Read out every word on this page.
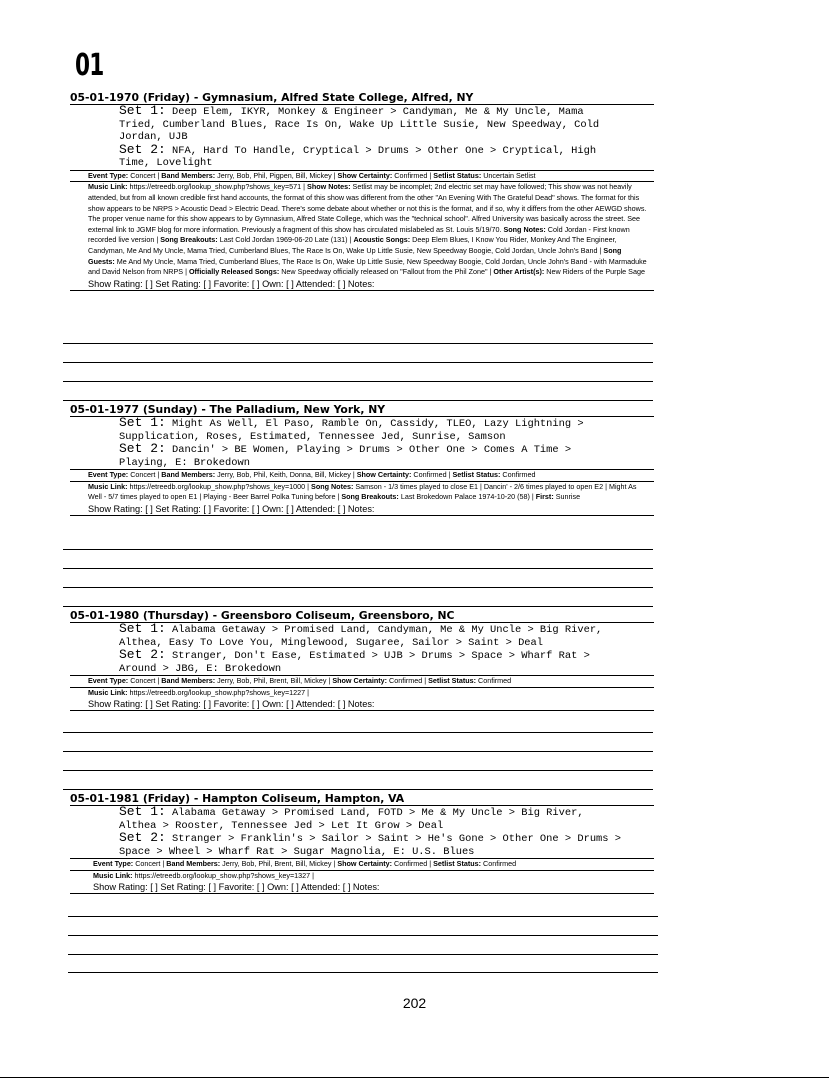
01
05-01-1970 (Friday) - Gymnasium, Alfred State College, Alfred, NY
Set 1: Deep Elem, IKYR, Monkey & Engineer > Candyman, Me & My Uncle, Mama
Tried, Cumberland Blues, Race Is On, Wake Up Little Susie, New Speedway, Cold
Jordan, UJB
Set 2: NFA, Hard To Handle, Cryptical > Drums > Other One > Cryptical, High
Time, Lovelight
Event Type: Concert | Band Members: Jerry, Bob, Phil, Pigpen, Bill, Mickey | Show Certainty: Confirmed | Setlist Status: Uncertain Setlist
Music Link: https://etreedb.org/lookup_show.php?shows_key=571 | Show Notes: Setlist may be incomplet; 2nd electric set may have followed; This show was not heavily attended, but from all known credible first hand accounts, the format of this show was different from the other "An Evening With The Grateful Dead" shows. The format for this show appears to be NRPS > Acoustic Dead > Electric Dead. There's some debate about whether or not this is the format, and if so, why it differs from the other AEWGD shows. The proper venue name for this show appears to by Gymnasium, Alfred State College, which was the "technical school". Alfred University was basically across the street. See external link to JGMF blog for more information. Previously a fragment of this show has circulated mislabeled as St. Louis 5/19/70. Song Notes: Cold Jordan - First known recorded live version | Song Breakouts: Last Cold Jordan 1969-06-20 Late (131) | Acoustic Songs: Deep Elem Blues, I Know You Rider, Monkey And The Engineer, Candyman, Me And My Uncle, Mama Tried, Cumberland Blues, The Race Is On, Wake Up Little Susie, New Speedway Boogie, Cold Jordan, Uncle John's Band | Song Guests: Me And My Uncle, Mama Tried, Cumberland Blues, The Race Is On, Wake Up Little Susie, New Speedway Boogie, Cold Jordan, Uncle John's Band - with Marmaduke and David Nelson from NRPS | Officially Released Songs: New Speedway officially released on "Fallout from the Phil Zone" | Other Artist(s): New Riders of the Purple Sage
Show Rating: [ ] Set Rating: [ ] Favorite: [ ] Own: [ ] Attended: [ ] Notes:
05-01-1977 (Sunday) - The Palladium, New York, NY
Set 1: Might As Well, El Paso, Ramble On, Cassidy, TLEO, Lazy Lightning >
Supplication, Roses, Estimated, Tennessee Jed, Sunrise, Samson
Set 2: Dancin' > BE Women, Playing > Drums > Other One > Comes A Time >
Playing, E: Brokedown
Event Type: Concert | Band Members: Jerry, Bob, Phil, Keith, Donna, Bill, Mickey | Show Certainty: Confirmed | Setlist Status: Confirmed
Music Link: https://etreedb.org/lookup_show.php?shows_key=1000 | Song Notes: Samson - 1/3 times played to close E1 | Dancin' - 2/6 times played to open E2 | Might As Well - 5/7 times played to open E1 | Playing - Beer Barrel Polka Tuning before | Song Breakouts: Last Brokedown Palace 1974-10-20 (58) | First: Sunrise
Show Rating: [ ] Set Rating: [ ] Favorite: [ ] Own: [ ] Attended: [ ] Notes:
05-01-1980 (Thursday) - Greensboro Coliseum, Greensboro, NC
Set 1: Alabama Getaway > Promised Land, Candyman, Me & My Uncle > Big River,
Althea, Easy To Love You, Minglewood, Sugaree, Sailor > Saint > Deal
Set 2: Stranger, Don't Ease, Estimated > UJB > Drums > Space > Wharf Rat >
Around > JBG, E: Brokedown
Event Type: Concert | Band Members: Jerry, Bob, Phil, Brent, Bill, Mickey | Show Certainty: Confirmed | Setlist Status: Confirmed
Music Link: https://etreedb.org/lookup_show.php?shows_key=1227 |
Show Rating: [ ] Set Rating: [ ] Favorite: [ ] Own: [ ] Attended: [ ] Notes:
05-01-1981 (Friday) - Hampton Coliseum, Hampton, VA
Set 1: Alabama Getaway > Promised Land, FOTD > Me & My Uncle > Big River,
Althea > Rooster, Tennessee Jed > Let It Grow > Deal
Set 2: Stranger > Franklin's > Sailor > Saint > He's Gone > Other One > Drums >
Space > Wheel > Wharf Rat > Sugar Magnolia, E: U.S. Blues
Event Type: Concert | Band Members: Jerry, Bob, Phil, Brent, Bill, Mickey | Show Certainty: Confirmed | Setlist Status: Confirmed
Music Link: https://etreedb.org/lookup_show.php?shows_key=1327 |
Show Rating: [ ] Set Rating: [ ] Favorite: [ ] Own: [ ] Attended: [ ] Notes:
202
